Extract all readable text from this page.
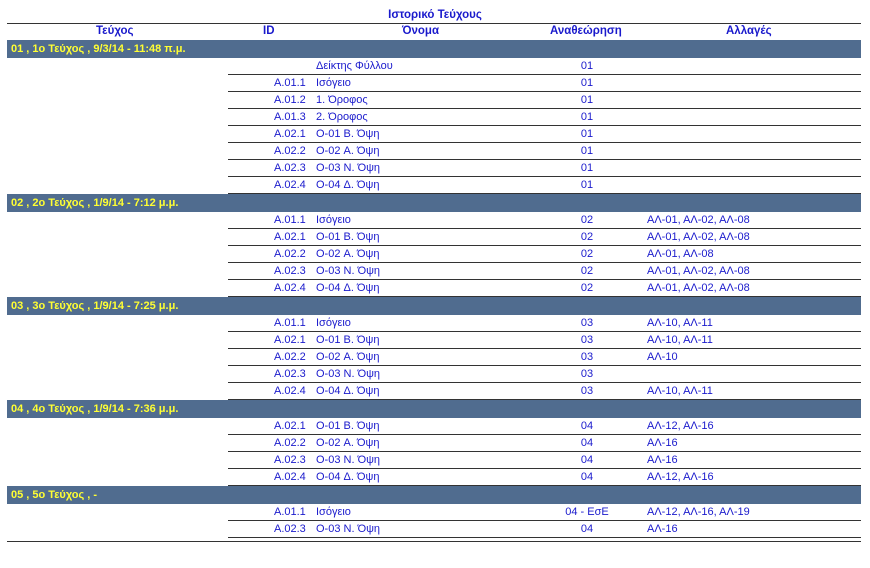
Ιστορικό Τεύχους
Τεύχος	ID	Όνομα	Αναθεώρηση	Αλλαγές
01 , 1ο Τεύχος , 9/3/14 - 11:48 π.μ.
Δείκτης Φύλλου	01
A.01.1 Ισόγειο	01
A.01.2 1. Όροφος	01
A.01.3 2. Όροφος	01
A.02.1 O-01 Β. Όψη	01
A.02.2 O-02 Α. Όψη	01
A.02.3 O-03 Ν. Όψη	01
A.02.4 O-04 Δ. Όψη	01
02 , 2ο Τεύχος , 1/9/14 - 7:12 μ.μ.
A.01.1 Ισόγειο	02	ΑΛ-01, ΑΛ-02, ΑΛ-08
A.02.1 O-01 Β. Όψη	02	ΑΛ-01, ΑΛ-02, ΑΛ-08
A.02.2 O-02 Α. Όψη	02	ΑΛ-01, ΑΛ-08
A.02.3 O-03 Ν. Όψη	02	ΑΛ-01, ΑΛ-02, ΑΛ-08
A.02.4 O-04 Δ. Όψη	02	ΑΛ-01, ΑΛ-02, ΑΛ-08
03 , 3ο Τεύχος , 1/9/14 - 7:25 μ.μ.
A.01.1 Ισόγειο	03	ΑΛ-10, ΑΛ-11
A.02.1 O-01 Β. Όψη	03	ΑΛ-10, ΑΛ-11
A.02.2 O-02 Α. Όψη	03	ΑΛ-10
A.02.3 O-03 Ν. Όψη	03
A.02.4 O-04 Δ. Όψη	03	ΑΛ-10, ΑΛ-11
04 , 4ο Τεύχος , 1/9/14 - 7:36 μ.μ.
A.02.1 O-01 Β. Όψη	04	ΑΛ-12, ΑΛ-16
A.02.2 O-02 Α. Όψη	04	ΑΛ-16
A.02.3 O-03 Ν. Όψη	04	ΑΛ-16
A.02.4 O-04 Δ. Όψη	04	ΑΛ-12, ΑΛ-16
05 , 5ο Τεύχος , -
A.01.1 Ισόγειο	04 - ΕσΕ	ΑΛ-12, ΑΛ-16, ΑΛ-19
A.02.3 O-03 Ν. Όψη	04	ΑΛ-16
